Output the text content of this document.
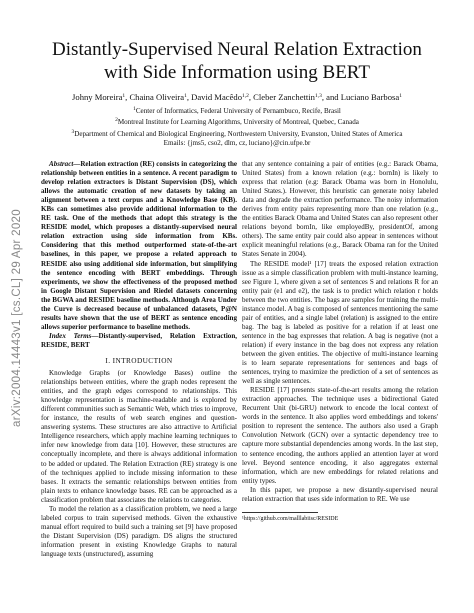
arXiv:2004.14443v1 [cs.CL] 29 Apr 2020
Distantly-Supervised Neural Relation Extraction
with Side Information using BERT
Johny Moreira$^1$, Chaina Oliveira$^1$, David Macêdo$^{1,2}$, Cleber Zanchettin$^{1,3}$, and Luciano Barbosa$^1$
$^1$Center of Informatics, Federal University of Pernambuco, Recife, Brasil
$^2$Montreal Institute for Learning Algorithms, University of Montreal, Quebec, Canada
$^3$Department of Chemical and Biological Engineering, Northwestern University, Evanston, United States of America
Emails: {jms5, cso2, dlm, cz, luciano}@cin.ufpe.br

Abstract—Relation extraction (RE) consists in categorizing the relationship between entities in a sentence. A recent paradigm to develop relation extractors is Distant Supervision (DS), which allows the automatic creation of new datasets by taking an alignment between a text corpus and a Knowledge Base (KB). KBs can sometimes also provide additional information to the RE task. One of the methods that adopt this strategy is the RESIDE model, which proposes a distantly-supervised neural relation extraction using side information from KBs. Considering that this method outperformed state-of-the-art baselines, in this paper, we propose a related approach to RESIDE also using additional side information, but simplifying the sentence encoding with BERT embeddings. Through experiments, we show the effectiveness of the proposed method in Google Distant Supervision and Riedel datasets concerning the BGWA and RESIDE baseline methods. Although Area Under the Curve is decreased because of unbalanced datasets, P@N results have shown that the use of BERT as sentence encoding allows superior performance to baseline methods.

Index Terms—Distantly-supervised, Relation Extraction, RESIDE, BERT

I. INTRODUCTION

Knowledge Graphs (or Knowledge Bases) outline the relationships between entities, where the graph nodes represent the entities, and the graph edges correspond to relationships. This knowledge representation is machine-readable and is explored by different communities such as Semantic Web, which tries to improve, for instance, the results of web search engines and question-answering systems. These structures are also attractive to Artificial Intelligence researchers, which apply machine learning techniques to infer new knowledge from data [10]. However, these structures are conceptually incomplete, and there is always additional information to be added or updated. The Relation Extraction (RE) strategy is one of the techniques applied to include missing information to these bases. It extracts the semantic relationships between entities from plain texts to enhance knowledge bases. RE can be approached as a classification problem that associates the relations to categories.

To model the relation as a classification problem, we need a large labeled corpus to train supervised methods. Given the exhaustive manual effort required to build such a training set [9] have proposed the Distant Supervision (DS) paradigm. DS aligns the structured information present in existing Knowledge Graphs to natural language texts (unstructured), assuming

that any sentence containing a pair of entities (e.g.: Barack Obama, United States) from a known relation (e.g.: bornIn) is likely to express that relation (e.g: Barack Obama was born in Honolulu, United States.). However, this heuristic can generate noisy labeled data and degrade the extraction performance. The noisy information derives from entity pairs representing more than one relation (e.g., the entities Barack Obama and United States can also represent other relations beyond bornIn, like employedBy, presidentOf, among others). The same entity pair could also appear in sentences without explicit meaningful relations (e.g., Barack Obama ran for the United States Senate in 2004).

The RESIDE model¹ [17] treats the exposed relation extraction issue as a simple classification problem with multi-instance learning, see Figure 1, where given a set of sentences S and relations R for an entity pair (e1 and e2), the task is to predict which relation r holds between the two entities. The bags are samples for training the multi-instance model. A bag is composed of sentences mentioning the same pair of entities, and a single label (relation) is assigned to the entire bag. The bag is labeled as positive for a relation if at least one sentence in the bag expresses that relation. A bag is negative (not a relation) if every instance in the bag does not express any relation between the given entities. The objective of multi-instance learning is to learn separate representations for sentences and bags of sentences, trying to maximize the prediction of a set of sentences as well as single sentences.

RESIDE [17] presents state-of-the-art results among the relation extraction approaches. The technique uses a bidirectional Gated Recurrent Unit (bi-GRU) network to encode the local context of words in the sentence. It also applies word embeddings and tokens' position to represent the sentence. The authors also used a Graph Convolution Network (GCN) over a syntactic dependency tree to capture more substantial dependencies among words. In the last step, to sentence encoding, the authors applied an attention layer at word level. Beyond sentence encoding, it also aggregates external information, which are new embeddings for related relations and entity types.

In this paper, we propose a new distantly-supervised neural relation extraction that uses side information to RE. We use

¹https://github.com/malllabiisc/RESIDE
